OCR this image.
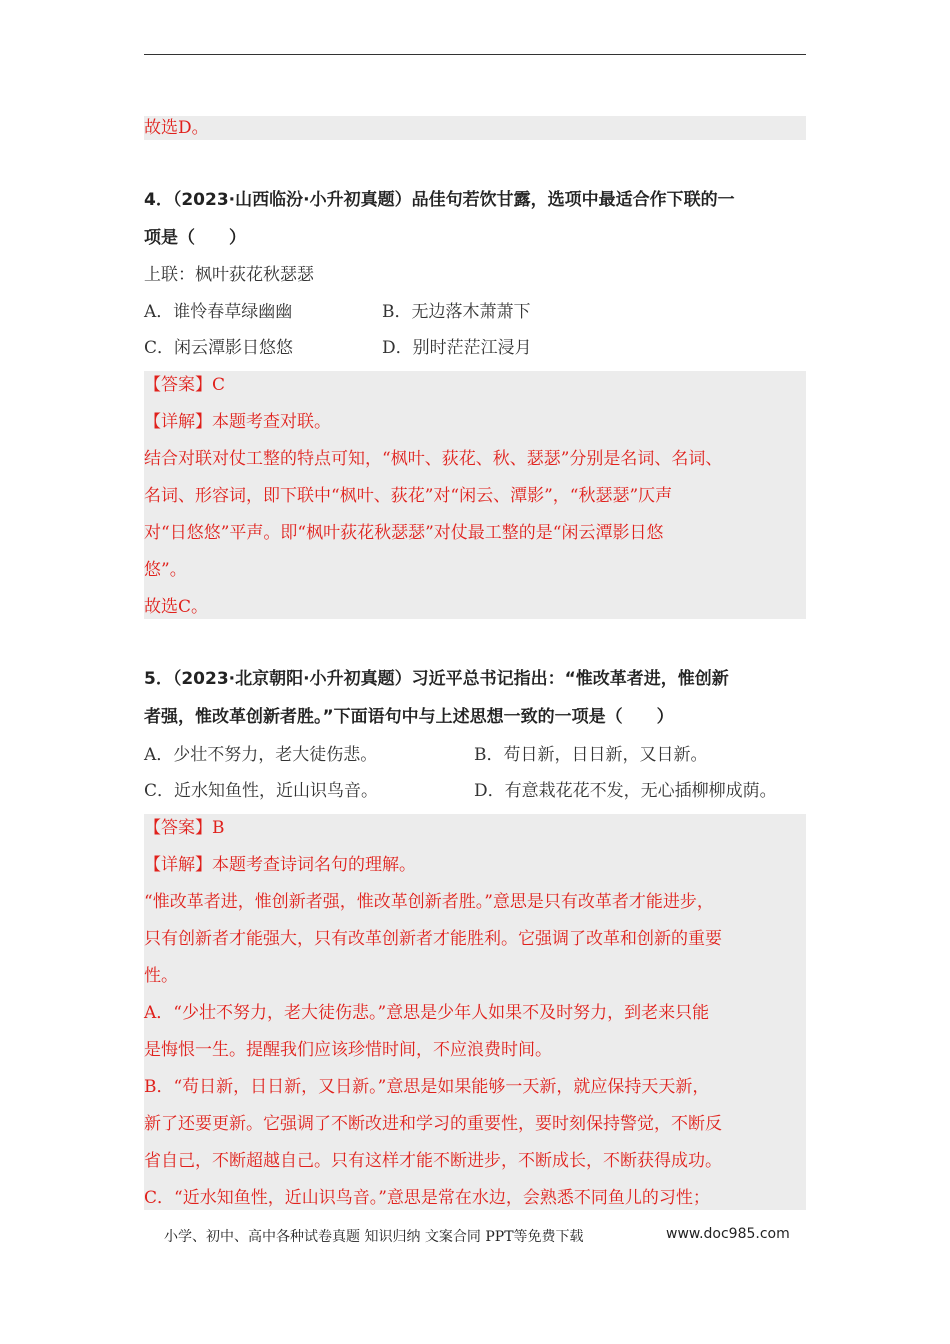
故选D。
4．（2023·山西临汾·小升初真题）品佳句若饮甘露，选项中最适合作下联的一
项是（　　）
上联：枫叶荻花秋瑟瑟
A．谁怜春草绿幽幽	B．无边落木萧萧下
C．闲云潭影日悠悠	D．别时茫茫江浸月
【答案】C
【详解】本题考查对联。
结合对联对仗工整的特点可知，“枫叶、荻花、秋、瑟瑟”分别是名词、名词、
名词、形容词，即下联中“枫叶、荻花”对“闲云、潭影”，“秋瑟瑟”仄声
对“日悠悠”平声。即“枫叶荻花秋瑟瑟”对仗最工整的是“闲云潭影日悠
悠”。
故选C。
5．（2023·北京朝阳·小升初真题）习近平总书记指出：“惟改革者进，惟创新
者强，惟改革创新者胜。”下面语句中与上述思想一致的一项是（　　）
A．少壮不努力，老大徒伤悲。	B．苟日新，日日新，又日新。
C．近水知鱼性，近山识鸟音。	D．有意栽花花不发，无心插柳柳成荫。
【答案】B
【详解】本题考查诗词名句的理解。
“惟改革者进，惟创新者强，惟改革创新者胜。”意思是只有改革者才能进步，
只有创新者才能强大，只有改革创新者才能胜利。它强调了改革和创新的重要
性。
A．“少壮不努力，老大徒伤悲。”意思是少年人如果不及时努力，到老来只能
是悔恨一生。提醒我们应该珍惜时间，不应浪费时间。
B．“苟日新，日日新，又日新。”意思是如果能够一天新，就应保持天天新，
新了还要更新。它强调了不断改进和学习的重要性，要时刻保持警觉，不断反
省自己，不断超越自己。只有这样才能不断进步，不断成长，不断获得成功。
C．“近水知鱼性，近山识鸟音。”意思是常在水边，会熟悉不同鱼儿的习性；
小学、初中、高中各种试卷真题 知识归纳 文案合同 PPT等免费下载	www.doc985.com
